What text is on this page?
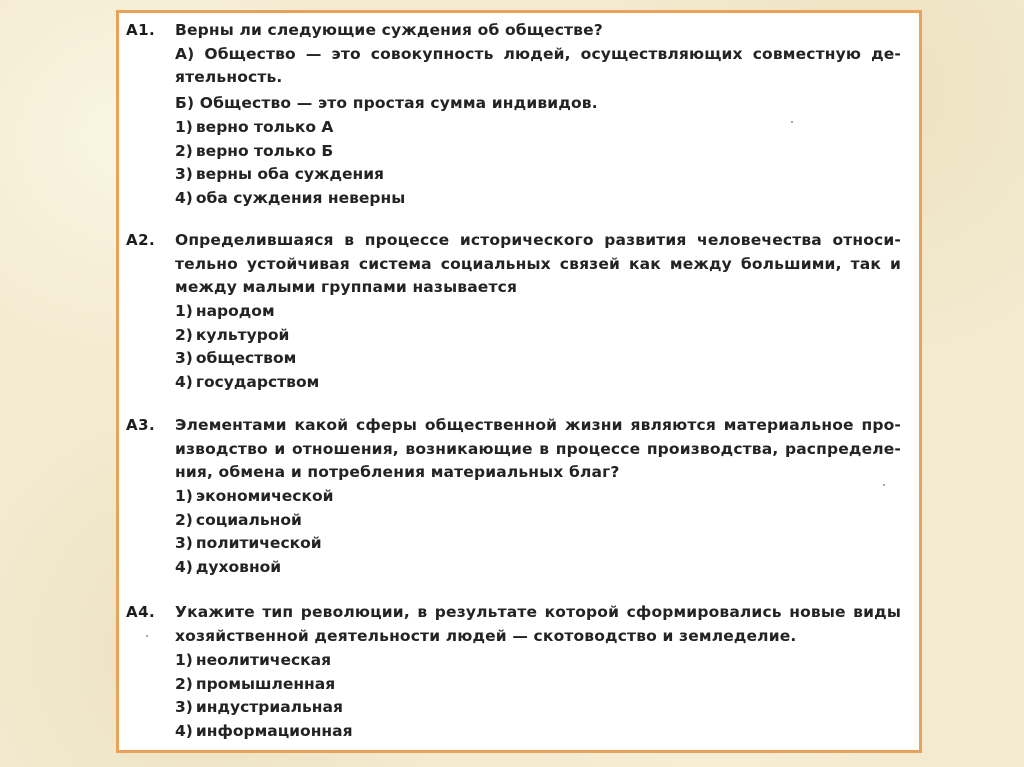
А1. Верны ли следующие суждения об обществе?
А) Общество — это совокупность людей, осуществляющих совместную де-
ятельность.
Б) Общество — это простая сумма индивидов.
1) верно только А
2) верно только Б
3) верны оба суждения
4) оба суждения неверны
А2. Определившаяся в процессе исторического развития человечества относи-
тельно устойчивая система социальных связей как между большими, так и
между малыми группами называется
1) народом
2) культурой
3) обществом
4) государством
А3. Элементами какой сферы общественной жизни являются материальное про-
изводство и отношения, возникающие в процессе производства, распределе-
ния, обмена и потребления материальных благ?
1) экономической
2) социальной
3) политической
4) духовной
А4. Укажите тип революции, в результате которой сформировались новые виды
хозяйственной деятельности людей — скотоводство и земледелие.
1) неолитическая
2) промышленная
3) индустриальная
4) информационная
